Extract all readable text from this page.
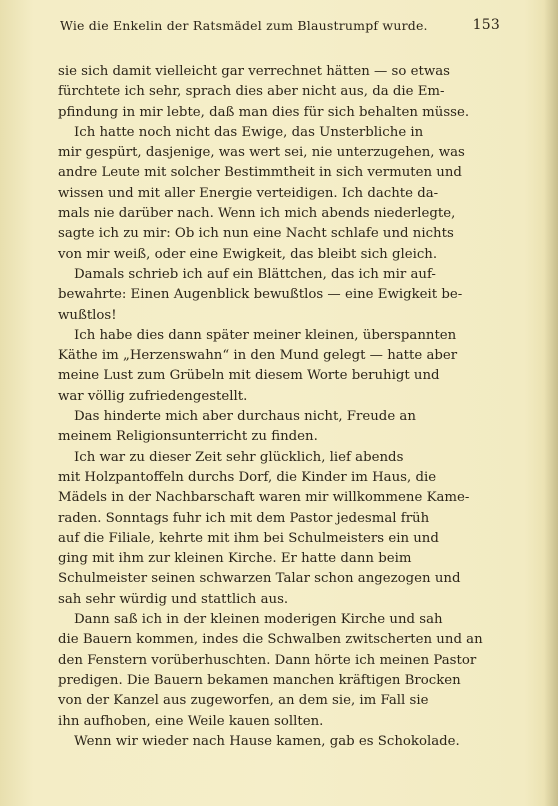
Wie die Enkelin der Ratsmädel zum Blaustrumpf wurde.	153
sie sich damit vielleicht gar verrechnet hätten — so etwas
fürchtete ich sehr, sprach dies aber nicht aus, da die Em-
pfindung in mir lebte, daß man dies für sich behalten müsse.
Ich hatte noch nicht das Ewige, das Unsterbliche in
mir gespürt, dasjenige, was wert sei, nie unterzugehen, was
andre Leute mit solcher Bestimmtheit in sich vermuten und
wissen und mit aller Energie verteidigen. Ich dachte da-
mals nie darüber nach. Wenn ich mich abends niederlegte,
sagte ich zu mir: Ob ich nun eine Nacht schlafe und nichts
von mir weiß, oder eine Ewigkeit, das bleibt sich gleich.
Damals schrieb ich auf ein Blättchen, das ich mir auf-
bewahrte: Einen Augenblick bewußtlos — eine Ewigkeit be-
wußtlos!
Ich habe dies dann später meiner kleinen, überspannten
Käthe im „Herzenswahn“ in den Mund gelegt — hatte aber
meine Lust zum Grübeln mit diesem Worte beruhigt und
war völlig zufriedengestellt.
Das hinderte mich aber durchaus nicht, Freude an
meinem Religionsunterricht zu finden.
Ich war zu dieser Zeit sehr glücklich, lief abends
mit Holzpantoffeln durchs Dorf, die Kinder im Haus, die
Mädels in der Nachbarschaft waren mir willkommene Kame-
raden. Sonntags fuhr ich mit dem Pastor jedesmal früh
auf die Filiale, kehrte mit ihm bei Schulmeisters ein und
ging mit ihm zur kleinen Kirche. Er hatte dann beim
Schulmeister seinen schwarzen Talar schon angezogen und
sah sehr würdig und stattlich aus.
Dann saß ich in der kleinen moderigen Kirche und sah
die Bauern kommen, indes die Schwalben zwitscherten und an
den Fenstern vorüberhuschten. Dann hörte ich meinen Pastor
predigen. Die Bauern bekamen manchen kräftigen Brocken
von der Kanzel aus zugeworfen, an dem sie, im Fall sie
ihn aufhoben, eine Weile kauen sollten.
Wenn wir wieder nach Hause kamen, gab es Schokolade.
